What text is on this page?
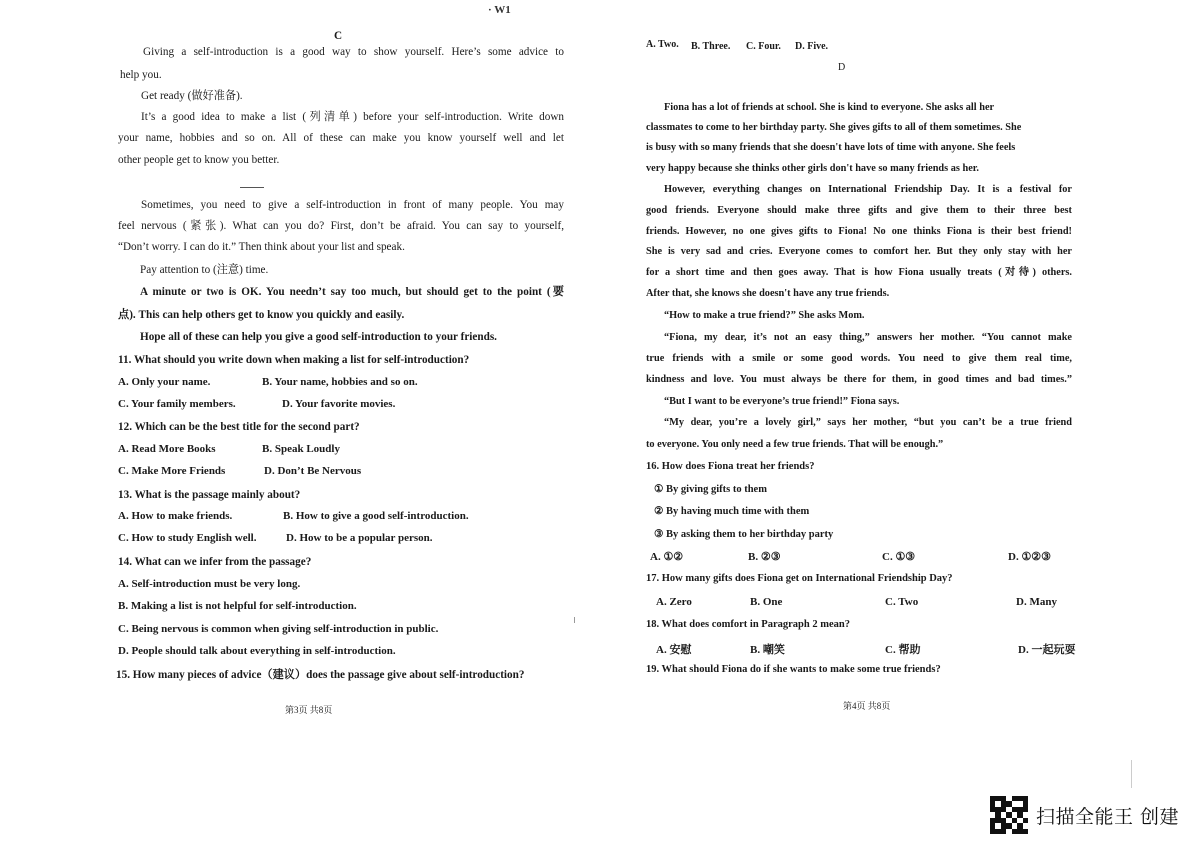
· W1
C
Giving a self-introduction is a good way to show yourself. Here’s some advice to
help you.
Get ready (做好准备).
It’s a good idea to make a list (列清单) before your self-introduction. Write down
your name, hobbies and so on. All of these can make you know yourself well and let
other people get to know you better.
Sometimes, you need to give a self-introduction in front of many people. You may
feel nervous (紧张). What can you do? First, don’t be afraid. You can say to yourself,
“Don’t worry. I can do it.” Then think about your list and speak.
Pay attention to (注意) time.
A minute or two is OK. You needn’t say too much, but should get to the point (要
点). This can help others get to know you quickly and easily.
Hope all of these can help you give a good self-introduction to your friends.
11. What should you write down when making a list for self-introduction?
A. Only your name.	B. Your name, hobbies and so on.
C. Your family members.	D. Your favorite movies.
12. Which can be the best title for the second part?
A. Read More Books	B. Speak Loudly
C. Make More Friends	D. Don’t Be Nervous
13. What is the passage mainly about?
A. How to make friends.	B. How to give a good self-introduction.
C. How to study English well.	D. How to be a popular person.
14. What can we infer from the passage?
A. Self-introduction must be very long.
B. Making a list is not helpful for self-introduction.
C. Being nervous is common when giving self-introduction in public.
D. People should talk about everything in self-introduction.
15. How many pieces of advice（建议）does the passage give about self-introduction?
第3页 共8页
A. Two. B. Three. C. Four. D. Five.
D
Fiona has a lot of friends at school. She is kind to everyone. She asks all her
classmates to come to her birthday party. She gives gifts to all of them sometimes. She
is busy with so many friends that she doesn't have lots of time with anyone. She feels
very happy because she thinks other girls don't have so many friends as her.
However, everything changes on International Friendship Day. It is a festival for
good friends. Everyone should make three gifts and give them to their three best
friends. However, no one gives gifts to Fiona! No one thinks Fiona is their best friend!
She is very sad and cries. Everyone comes to comfort her. But they only stay with her
for a short time and then goes away. That is how Fiona usually treats (对待) others.
After that, she knows she doesn't have any true friends.
“How to make a true friend?” She asks Mom.
“Fiona, my dear, it’s not an easy thing,” answers her mother. “You cannot make
true friends with a smile or some good words. You need to give them real time,
kindness and love. You must always be there for them, in good times and bad times.”
“But I want to be everyone’s true friend!” Fiona says.
“My dear, you’re a lovely girl,” says her mother, “but you can’t be a true friend
to everyone. You only need a few true friends. That will be enough.”
16. How does Fiona treat her friends?
① By giving gifts to them
② By having much time with them
③ By asking them to her birthday party
A. ①②	B. ②③	C. ①③	D. ①②③
17. How many gifts does Fiona get on International Friendship Day?
A. Zero	B. One	C. Two	D. Many
18. What does comfort in Paragraph 2 mean?
A. 安慰	B. 嘲笑	C. 帮助	D. 一起玩耍
19. What should Fiona do if she wants to make some true friends?
第4页 共8页
扫描全能王 创建
